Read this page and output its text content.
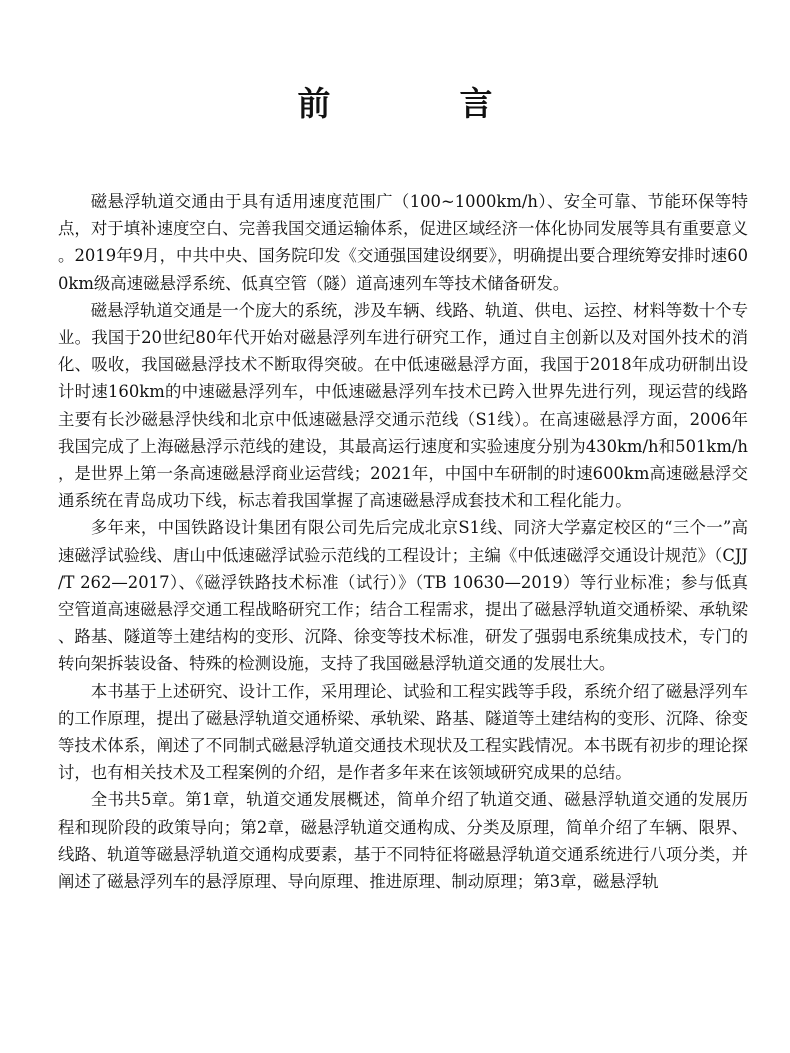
前　言

磁悬浮轨道交通由于具有适用速度范围广（100~1000km/h）、安全可靠、节能环保等特点，对于填补速度空白、完善我国交通运输体系，促进区域经济一体化协同发展等具有重要意义。2019年9月，中共中央、国务院印发《交通强国建设纲要》，明确提出要合理统筹安排时速600km级高速磁悬浮系统、低真空管（隧）道高速列车等技术储备研发。

磁悬浮轨道交通是一个庞大的系统，涉及车辆、线路、轨道、供电、运控、材料等数十个专业。我国于20世纪80年代开始对磁悬浮列车进行研究工作，通过自主创新以及对国外技术的消化、吸收，我国磁悬浮技术不断取得突破。在中低速磁悬浮方面，我国于2018年成功研制出设计时速160km的中速磁悬浮列车，中低速磁悬浮列车技术已跨入世界先进行列，现运营的线路主要有长沙磁悬浮快线和北京中低速磁悬浮交通示范线（S1线）。在高速磁悬浮方面，2006年我国完成了上海磁悬浮示范线的建设，其最高运行速度和实验速度分别为430km/h和501km/h，是世界上第一条高速磁悬浮商业运营线；2021年，中国中车研制的时速600km高速磁悬浮交通系统在青岛成功下线，标志着我国掌握了高速磁悬浮成套技术和工程化能力。

多年来，中国铁路设计集团有限公司先后完成北京S1线、同济大学嘉定校区的“三个一”高速磁浮试验线、唐山中低速磁浮试验示范线的工程设计；主编《中低速磁浮交通设计规范》（CJJ/T 262—2017）、《磁浮铁路技术标准（试行）》（TB 10630—2019）等行业标准；参与低真空管道高速磁悬浮交通工程战略研究工作；结合工程需求，提出了磁悬浮轨道交通桥梁、承轨梁、路基、隧道等土建结构的变形、沉降、徐变等技术标准，研发了强弱电系统集成技术，专门的转向架拆装设备、特殊的检测设施，支持了我国磁悬浮轨道交通的发展壮大。

本书基于上述研究、设计工作，采用理论、试验和工程实践等手段，系统介绍了磁悬浮列车的工作原理，提出了磁悬浮轨道交通桥梁、承轨梁、路基、隧道等土建结构的变形、沉降、徐变等技术体系，阐述了不同制式磁悬浮轨道交通技术现状及工程实践情况。本书既有初步的理论探讨，也有相关技术及工程案例的介绍，是作者多年来在该领域研究成果的总结。

全书共5章。第1章，轨道交通发展概述，简单介绍了轨道交通、磁悬浮轨道交通的发展历程和现阶段的政策导向；第2章，磁悬浮轨道交通构成、分类及原理，简单介绍了车辆、限界、线路、轨道等磁悬浮轨道交通构成要素，基于不同特征将磁悬浮轨道交通系统进行八项分类，并阐述了磁悬浮列车的悬浮原理、导向原理、推进原理、制动原理；第3章，磁悬浮轨
